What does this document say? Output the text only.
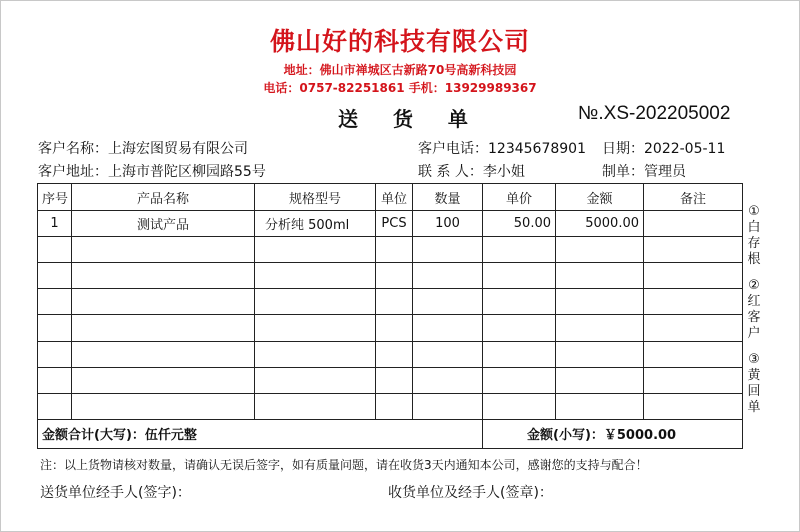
佛山好的科技有限公司
地址：佛山市禅城区古新路70号高新科技园
电话：0757-82251861 手机：13929989367
送 货 单	№.XS-202205002
客户名称：上海宏图贸易有限公司
客户地址：上海市普陀区柳园路55号
客户电话：12345678901
联 系 人：李小姐
日期：2022-05-11
制单：管理员
序号	产品名称	规格型号	单位	数量	单价	金额	备注
1	测试产品	分析纯 500ml	PCS	100	50.00	5000.00	

金额合计(大写)：伍仟元整					金额(小写)：￥5000.00		
①
白存根
②
红客户
③
黄回单
注：以上货物请核对数量，请确认无误后签字，如有质量问题，请在收货3天内通知本公司，感谢您的支持与配合！
送货单位经手人(签字)：	收货单位及经手人(签章)：
